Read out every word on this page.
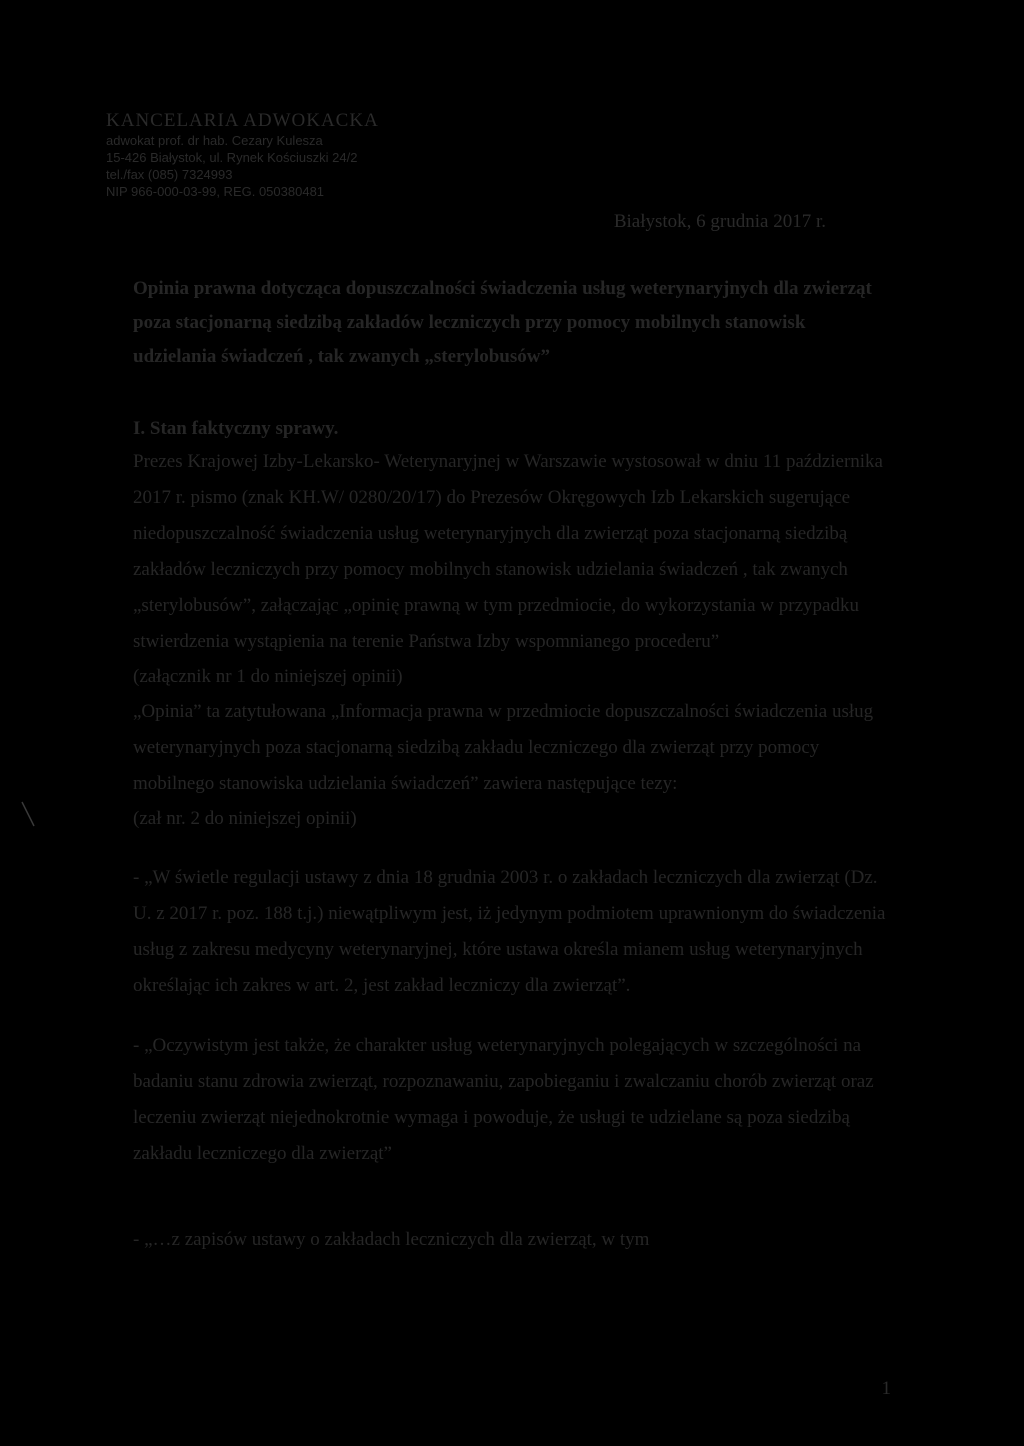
KANCELARIA ADWOKACKA

adwokat prof. dr hab. Cezary Kulesza

15-426 Białystok, ul. Rynek Kościuszki 24/2

tel./fax (085) 7324993

NIP 966-000-03-99, REG. 050380481

Białystok, 6 grudnia 2017 r.

Opinia prawna dotycząca dopuszczalności świadczenia usług weterynaryjnych dla zwierząt poza stacjonarną siedzibą zakładów leczniczych przy pomocy mobilnych stanowisk udzielania świadczeń , tak zwanych „sterylobusów”

I. Stan faktyczny sprawy.

Prezes Krajowej Izby-Lekarsko- Weterynaryjnej w Warszawie wystosował w dniu 11 października 2017 r. pismo (znak KH.W/ 0280/20/17) do Prezesów Okręgowych Izb Lekarskich sugerujące niedopuszczalność świadczenia usług weterynaryjnych dla zwierząt poza stacjonarną siedzibą zakładów leczniczych przy pomocy mobilnych stanowisk udzielania świadczeń , tak zwanych „sterylobusów”, załączając „opinię prawną w tym przedmiocie, do wykorzystania w przypadku stwierdzenia wystąpienia na terenie Państwa Izby wspomnianego procederu”

(załącznik nr 1 do niniejszej opinii)

„Opinia” ta zatytułowana „Informacja prawna w przedmiocie dopuszczalności świadczenia usług weterynaryjnych poza stacjonarną siedzibą zakładu leczniczego dla zwierząt przy pomocy mobilnego stanowiska udzielania świadczeń” zawiera następujące tezy:

(zał nr. 2 do niniejszej opinii)

- „W świetle regulacji ustawy z dnia 18 grudnia 2003 r. o zakładach leczniczych dla zwierząt (Dz. U. z 2017 r. poz. 188 t.j.) niewątpliwym jest, iż jedynym podmiotem uprawnionym do świadczenia usług z zakresu medycyny weterynaryjnej, które ustawa określa mianem usług weterynaryjnych określając ich zakres w art. 2, jest zakład leczniczy dla zwierząt”.

- „Oczywistym jest także, że charakter usług weterynaryjnych polegających w szczególności na badaniu stanu zdrowia zwierząt, rozpoznawaniu, zapobieganiu i zwalczaniu chorób zwierząt oraz leczeniu zwierząt niejednokrotnie wymaga i powoduje, że usługi te udzielane są poza siedzibą zakładu leczniczego dla zwierząt”

- „…z zapisów ustawy o zakładach leczniczych dla zwierząt, w tym

1
